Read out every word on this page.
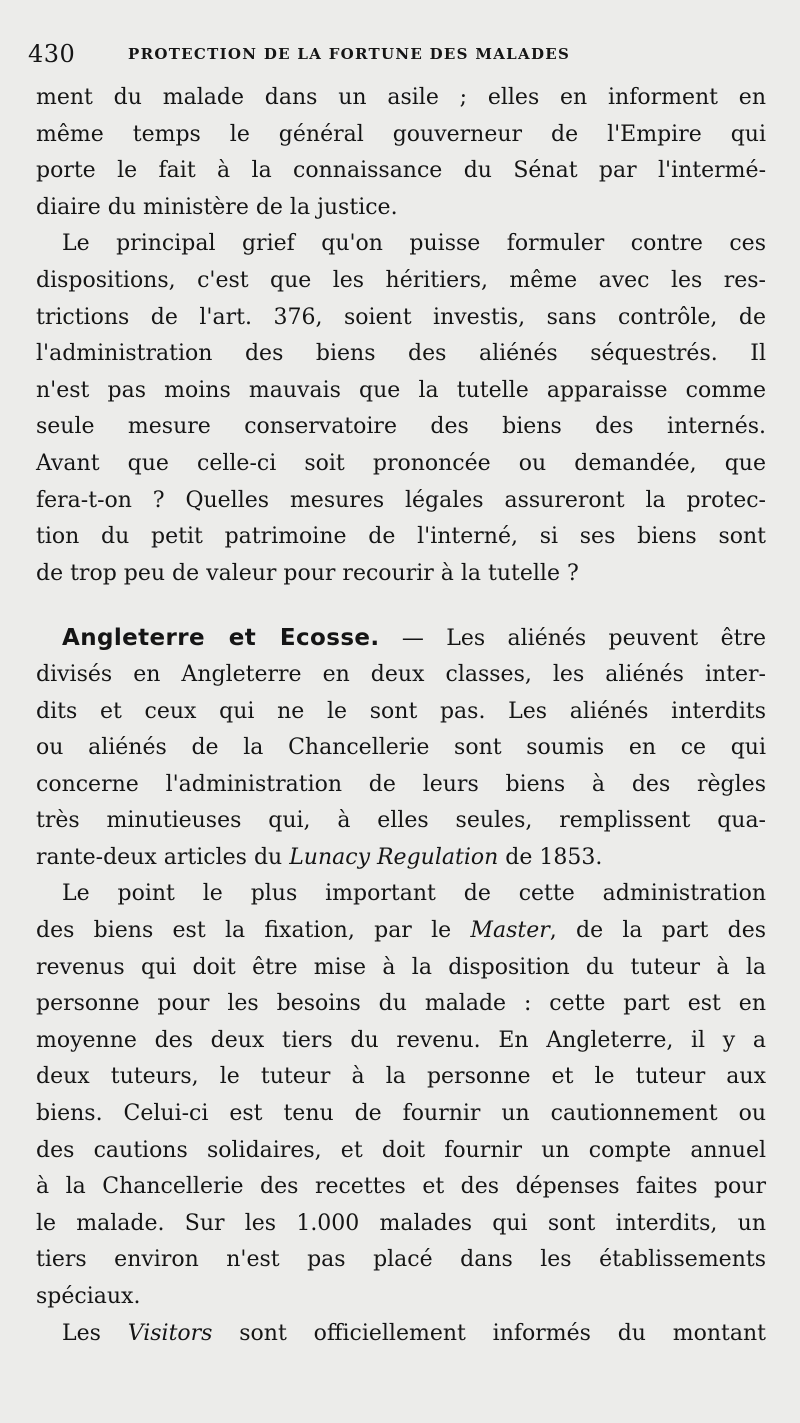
430	PROTECTION DE LA FORTUNE DES MALADES
ment du malade dans un asile ; elles en informent en
même temps le général gouverneur de l'Empire qui
porte le fait à la connaissance du Sénat par l'intermé-
diaire du ministère de la justice.
Le principal grief qu'on puisse formuler contre ces
dispositions, c'est que les héritiers, même avec les res-
trictions de l'art. 376, soient investis, sans contrôle, de
l'administration des biens des aliénés séquestrés. Il
n'est pas moins mauvais que la tutelle apparaisse comme
seule mesure conservatoire des biens des internés.
Avant que celle-ci soit prononcée ou demandée, que
fera-t-on ? Quelles mesures légales assureront la protec-
tion du petit patrimoine de l'interné, si ses biens sont
de trop peu de valeur pour recourir à la tutelle ?
Angleterre et Ecosse. — Les aliénés peuvent être
divisés en Angleterre en deux classes, les aliénés inter-
dits et ceux qui ne le sont pas. Les aliénés interdits
ou aliénés de la Chancellerie sont soumis en ce qui
concerne l'administration de leurs biens à des règles
très minutieuses qui, à elles seules, remplissent qua-
rante-deux articles du Lunacy Regulation de 1853.
Le point le plus important de cette administration
des biens est la fixation, par le Master, de la part des
revenus qui doit être mise à la disposition du tuteur à la
personne pour les besoins du malade : cette part est en
moyenne des deux tiers du revenu. En Angleterre, il y a
deux tuteurs, le tuteur à la personne et le tuteur aux
biens. Celui-ci est tenu de fournir un cautionnement ou
des cautions solidaires, et doit fournir un compte annuel
à la Chancellerie des recettes et des dépenses faites pour
le malade. Sur les 1.000 malades qui sont interdits, un
tiers environ n'est pas placé dans les établissements
spéciaux.
Les Visitors sont officiellement informés du montant
